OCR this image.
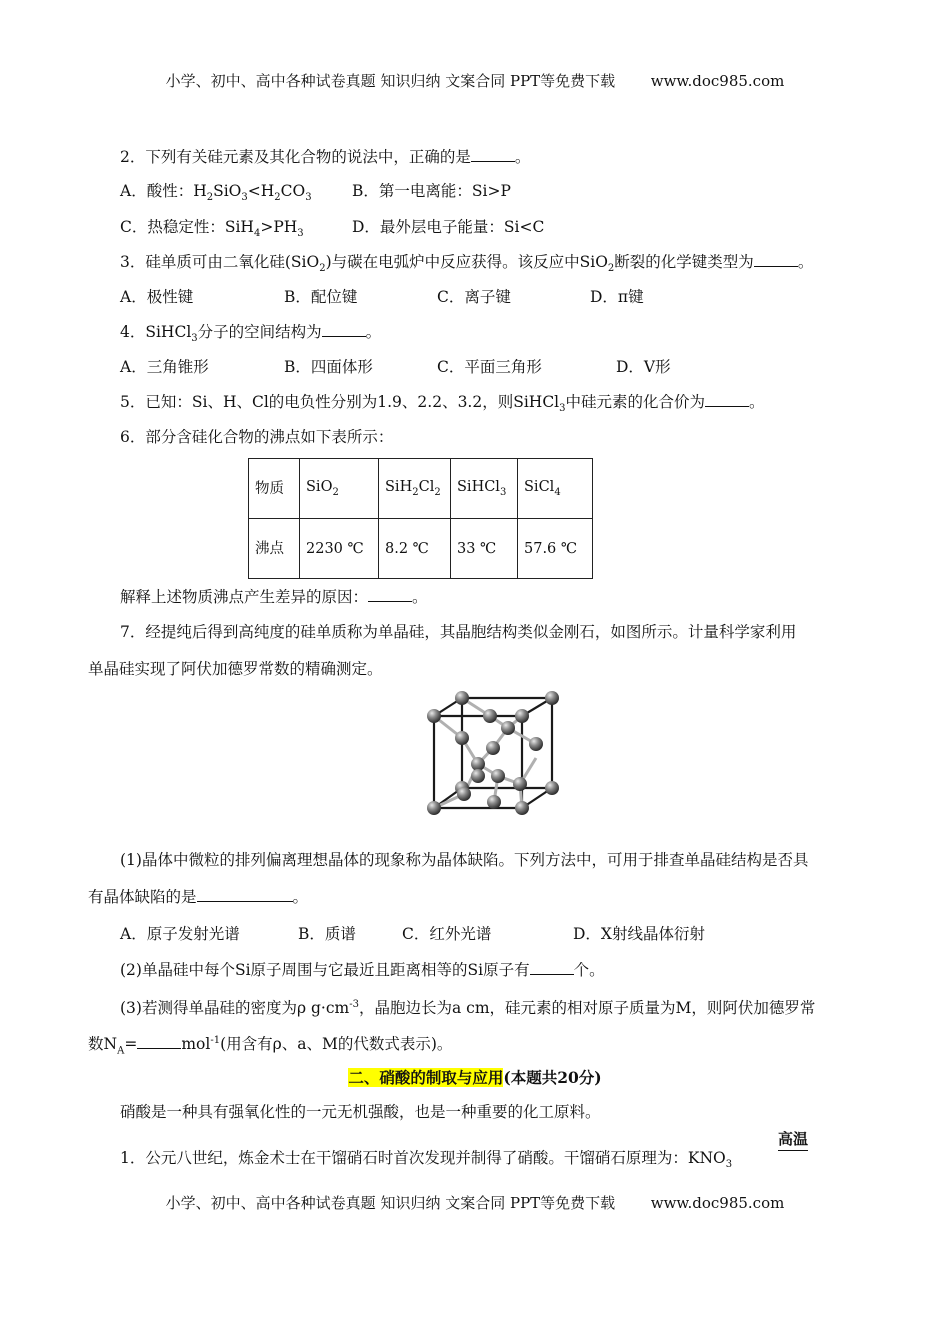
小学、初中、高中各种试卷真题 知识归纳 文案合同 PPT等免费下载 www.doc985.com
2．下列有关硅元素及其化合物的说法中，正确的是	。
A．酸性：$H_2SiO_3<H_2CO_3$	B．第一电离能：Si>P
C．热稳定性：$SiH_4>PH_3$	D．最外层电子能量：Si<C
3．硅单质可由二氧化硅(SiO$_2$)与碳在电弧炉中反应获得。该反应中SiO$_2$断裂的化学键类型为	。
A．极性键	B．配位键	C．离子键	D．π键
4．SiHCl$_3$分子的空间结构为	。
A．三角锥形	B．四面体形	C．平面三角形	D．V形
5．已知：Si、H、Cl的电负性分别为1.9、2.2、3.2，则SiHCl$_3$中硅元素的化合价为	。
6．部分含硅化合物的沸点如下表所示：
物质	SiO$_2$	$SiH_2Cl_2$	SiHCl$_3$	SiCl$_4$
沸点	2230 ℃	8.2 ℃	33 ℃	57.6 ℃
解释上述物质沸点产生差异的原因：	。
7．经提纯后得到高纯度的硅单质称为单晶硅，其晶胞结构类似金刚石，如图所示。计量科学家利用
单晶硅实现了阿伏加德罗常数的精确测定。
(1)晶体中微粒的排列偏离理想晶体的现象称为晶体缺陷。下列方法中，可用于排查单晶硅结构是否具
有晶体缺陷的是	。
A．原子发射光谱	B．质谱	C．红外光谱	D．X射线晶体衍射
(2)单晶硅中每个Si原子周围与它最近且距离相等的Si原子有	个。
(3)若测得单晶硅的密度为ρ $g\cdot cm^{-3}$，晶胞边长为a cm，硅元素的相对原子质量为M，则阿伏加德罗常
数$N_A=$	mol$^{-1}$(用含有ρ、a、M的代数式表示)。
二、硝酸的制取与应用(本题共20分)
硝酸是一种具有强氧化性的一元无机强酸，也是一种重要的化工原料。
1．公元八世纪，炼金术士在干馏硝石时首次发现并制得了硝酸。干馏硝石原理为：$KNO_3$
高温
小学、初中、高中各种试卷真题 知识归纳 文案合同 PPT等免费下载 www.doc985.com
